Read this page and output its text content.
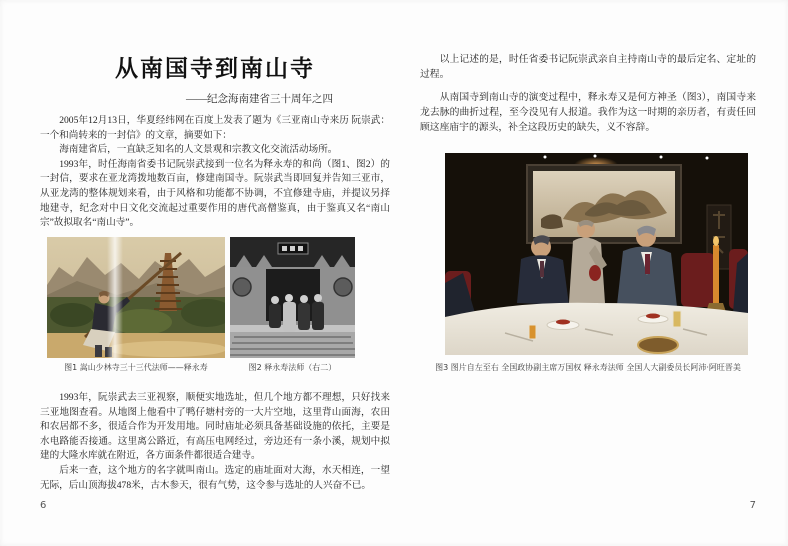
从南国寺到南山寺
——纪念海南建省三十周年之四

2005年12月13日，华夏经纬网在百度上发表了题为《三亚南山寺来历 阮崇武：一个和尚转来的一封信》的文章，摘要如下：

海南建省后，一直缺乏知名的人文景观和宗教文化交流活动场所。

1993年，时任海南省委书记阮崇武接到一位名为释永寿的和尚（图1、图2）的一封信，要求在亚龙湾拨地数百亩，修建南国寺。阮崇武当即回复并告知三亚市，从亚龙湾的整体规划来看，由于风格和功能都不协调，不宜修建寺庙，并提议另择地建寺，纪念对中日文化交流起过重要作用的唐代高僧鉴真，由于鉴真又名“南山宗”故拟取名“南山寺”。

图1 嵩山少林寺三十三代法师——释永寿	图2 释永寿法师（右二）

1993年，阮崇武去三亚视察，顺便实地选址，但几个地方都不理想，只好找来三亚地图查看。从地图上他看中了鸭仔塘村旁的一大片空地，这里背山面海，农田和农居都不多，很适合作为开发用地。同时庙址必须具备基础设施的依托，主要是水电路能否接通。这里离公路近，有高压电网经过，旁边还有一条小溪，规划中拟建的大隆水库就在附近，各方面条件都很适合建寺。

后来一查，这个地方的名字就叫南山。选定的庙址面对大海，水天相连，一望无际，后山顶海拔478米，古木参天，很有气势，这令参与选址的人兴奋不已。

6

以上记述的是，时任省委书记阮崇武亲自主持南山寺的最后定名、定址的过程。

从南国寺到南山寺的演变过程中，释永寿又是何方神圣（图3），南国寺来龙去脉的曲折过程，至今没见有人报道。我作为这一时期的亲历者，有责任回顾这座庙宇的源头，补全这段历史的缺失，义不容辞。

图3 图片自左至右 全国政协副主席万国权 释永寿法师 全国人大副委员长阿沛·阿旺晋美
7
